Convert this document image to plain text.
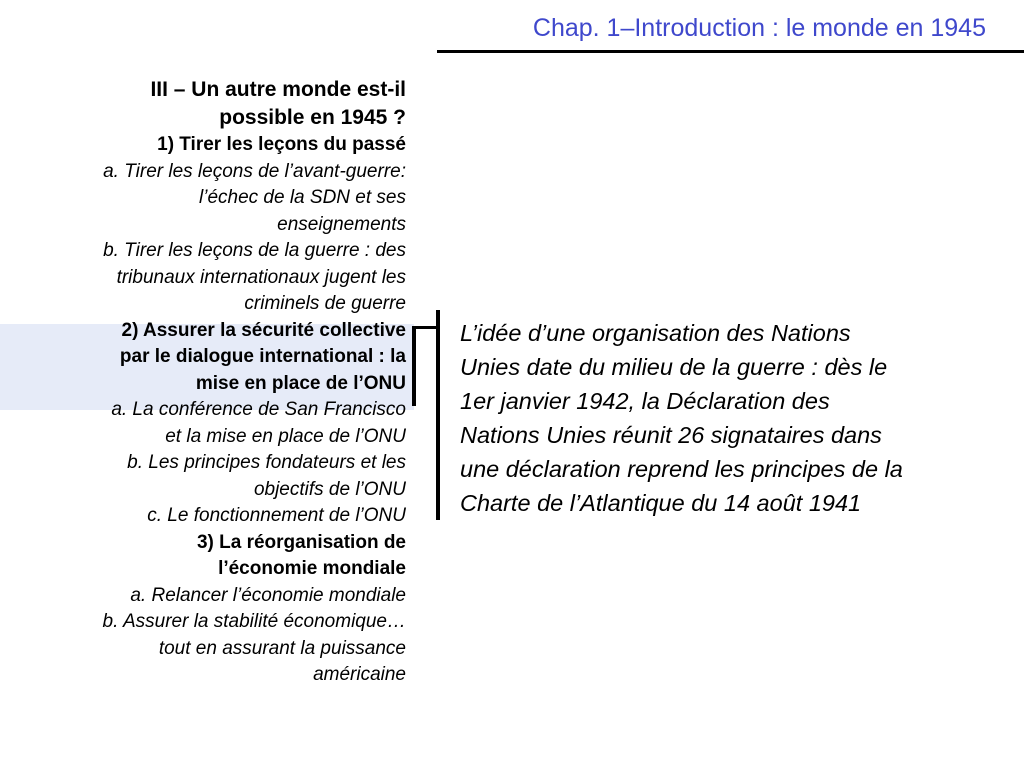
Chap. 1–Introduction : le monde en 1945
III – Un autre monde est-il
possible en 1945 ?
1) Tirer les leçons du passé
a. Tirer les leçons de l’avant-guerre:
l’échec de la SDN et ses
enseignements
b. Tirer les leçons de la guerre : des
tribunaux internationaux jugent les
criminels de guerre
2) Assurer la sécurité collective
par le dialogue international : la
mise en place de l’ONU
a. La conférence de San Francisco
et la mise en place de l’ONU
b. Les principes fondateurs et les
objectifs de l’ONU
c. Le fonctionnement de l’ONU
3) La réorganisation de
l’économie mondiale
a. Relancer l’économie mondiale
b. Assurer la stabilité économique…
tout en assurant la puissance
américaine
L’idée d’une organisation des Nations
Unies date du milieu de la guerre : dès le
1er janvier 1942, la Déclaration des
Nations Unies réunit 26 signataires dans
une déclaration reprend les principes de la
Charte de l’Atlantique du 14 août 1941
